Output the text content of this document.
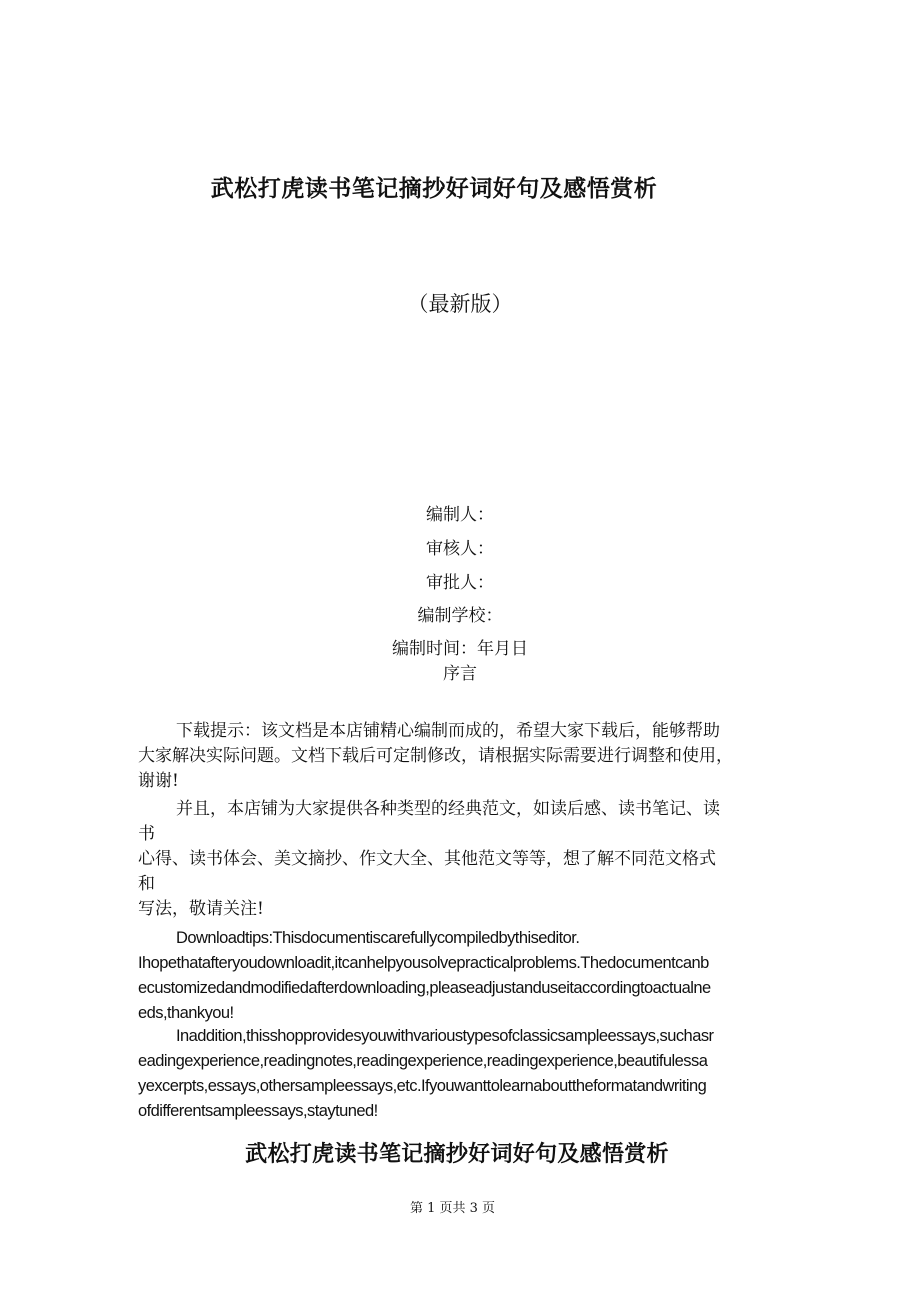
武松打虎读书笔记摘抄好词好句及感悟赏析
（最新版）
编制人：
审核人：
审批人：
编制学校：
编制时间：年月日
序言
下载提示：该文档是本店铺精心编制而成的，希望大家下载后，能够帮助
大家解决实际问题。文档下载后可定制修改，请根据实际需要进行调整和使用，
谢谢!
并且，本店铺为大家提供各种类型的经典范文，如读后感、读书笔记、读
书
心得、读书体会、美文摘抄、作文大全、其他范文等等，想了解不同范文格式
和
写法，敬请关注!
Downloadtips:Thisdocumentiscarefullycompiledbythiseditor.
Ihopethatafteryoudownloadit,itcanhelpyousolvepracticalproblems.Thedocumentcanb
ecustomizedandmodifiedafterdownloading,pleaseadjustanduseitaccordingtoactualne
eds,thankyou!
Inaddition,thisshopprovidesyouwithvarioustypesofclassicsampleessays,suchasr
eadingexperience,readingnotes,readingexperience,readingexperience,beautifulessa
yexcerpts,essays,othersampleessays,etc.Ifyouwanttolearnabouttheformatandwriting
ofdifferentsampleessays,staytuned!
武松打虎读书笔记摘抄好词好句及感悟赏析
第 1 页共 3 页
